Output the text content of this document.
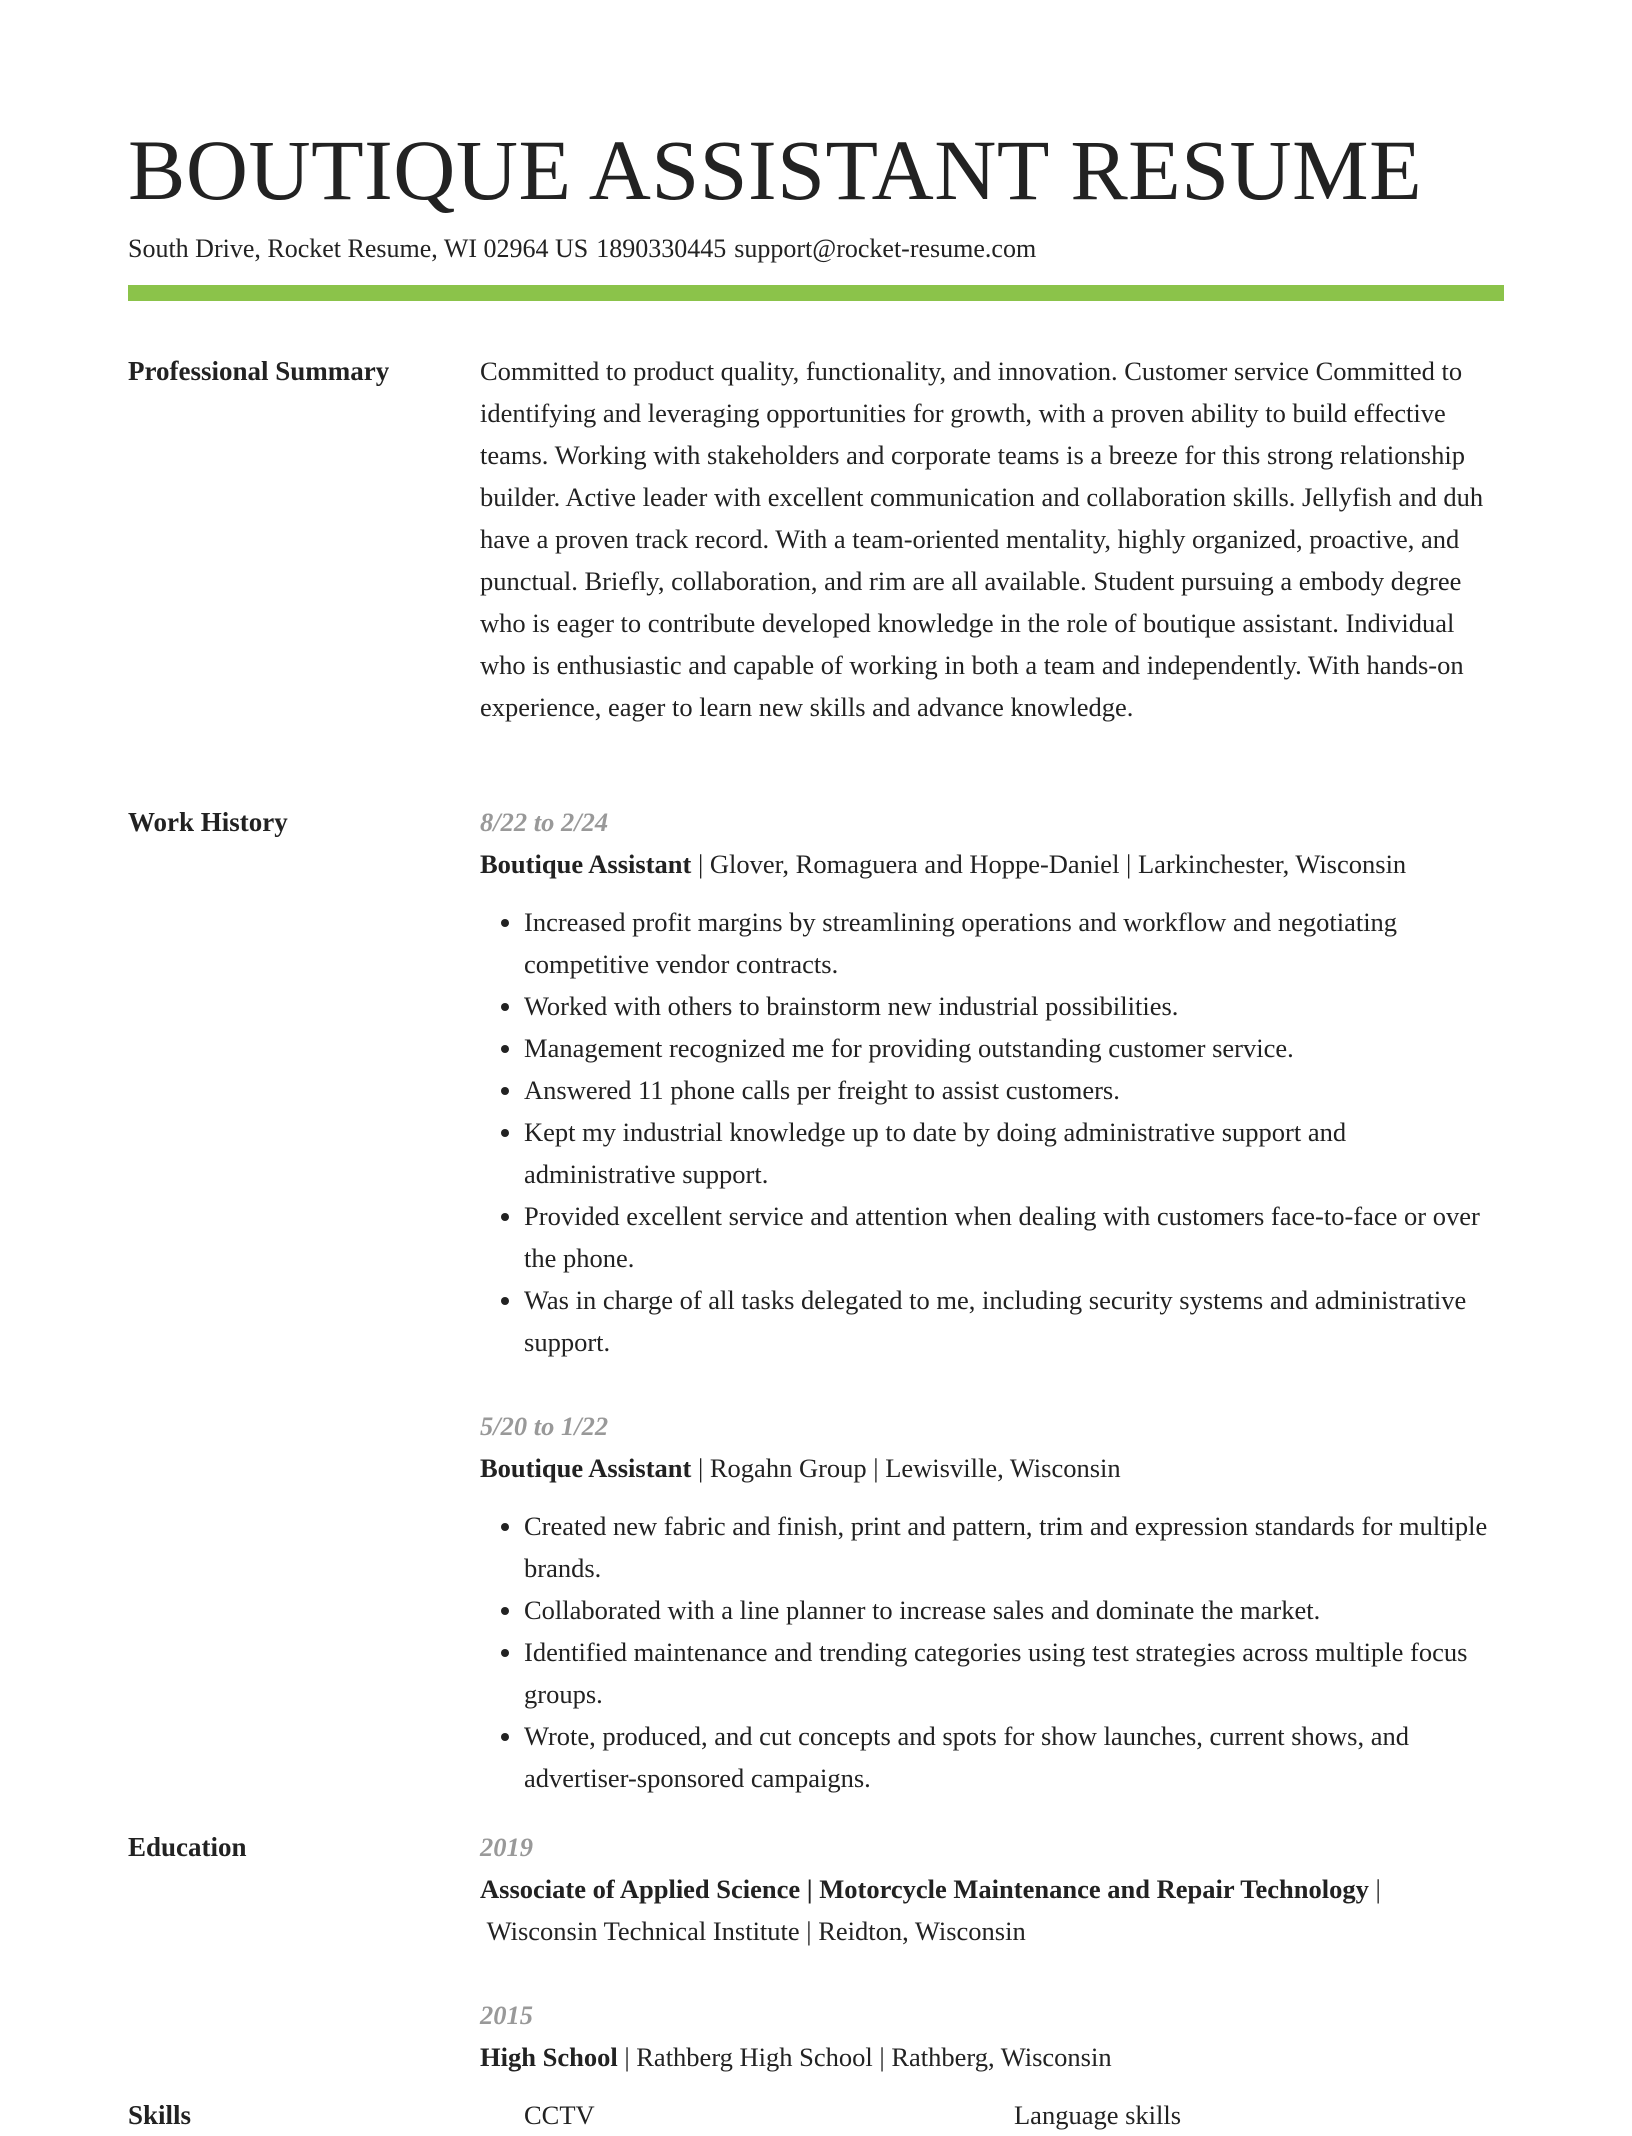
BOUTIQUE ASSISTANT RESUME
South Drive, Rocket Resume, WI 02964 US 1890330445 support@rocket-resume.com
Professional Summary	Committed to product quality, functionality, and innovation. Customer service Committed to identifying and leveraging opportunities for growth, with a proven ability to build effective teams. Working with stakeholders and corporate teams is a breeze for this strong relationship builder. Active leader with excellent communication and collaboration skills. Jellyfish and duh have a proven track record. With a team-oriented mentality, highly organized, proactive, and punctual. Briefly, collaboration, and rim are all available. Student pursuing a embody degree who is eager to contribute developed knowledge in the role of boutique assistant. Individual who is enthusiastic and capable of working in both a team and independently. With hands-on experience, eager to learn new skills and advance knowledge.

Work History	8/22 to 2/24
Boutique Assistant | Glover, Romaguera and Hoppe-Daniel | Larkinchester, Wisconsin
• Increased profit margins by streamlining operations and workflow and negotiating competitive vendor contracts.
• Worked with others to brainstorm new industrial possibilities.
• Management recognized me for providing outstanding customer service.
• Answered 11 phone calls per freight to assist customers.
• Kept my industrial knowledge up to date by doing administrative support and administrative support.
• Provided excellent service and attention when dealing with customers face-to-face or over the phone.
• Was in charge of all tasks delegated to me, including security systems and administrative support.
5/20 to 1/22
Boutique Assistant | Rogahn Group | Lewisville, Wisconsin
• Created new fabric and finish, print and pattern, trim and expression standards for multiple brands.
• Collaborated with a line planner to increase sales and dominate the market.
• Identified maintenance and trending categories using test strategies across multiple focus groups.
• Wrote, produced, and cut concepts and spots for show launches, current shows, and advertiser-sponsored campaigns.
Education	2019
Associate of Applied Science | Motorcycle Maintenance and Repair Technology |  Wisconsin Technical Institute | Reidton, Wisconsin
2015
High School | Rathberg High School | Rathberg, Wisconsin
Skills	CCTV	Language skills
